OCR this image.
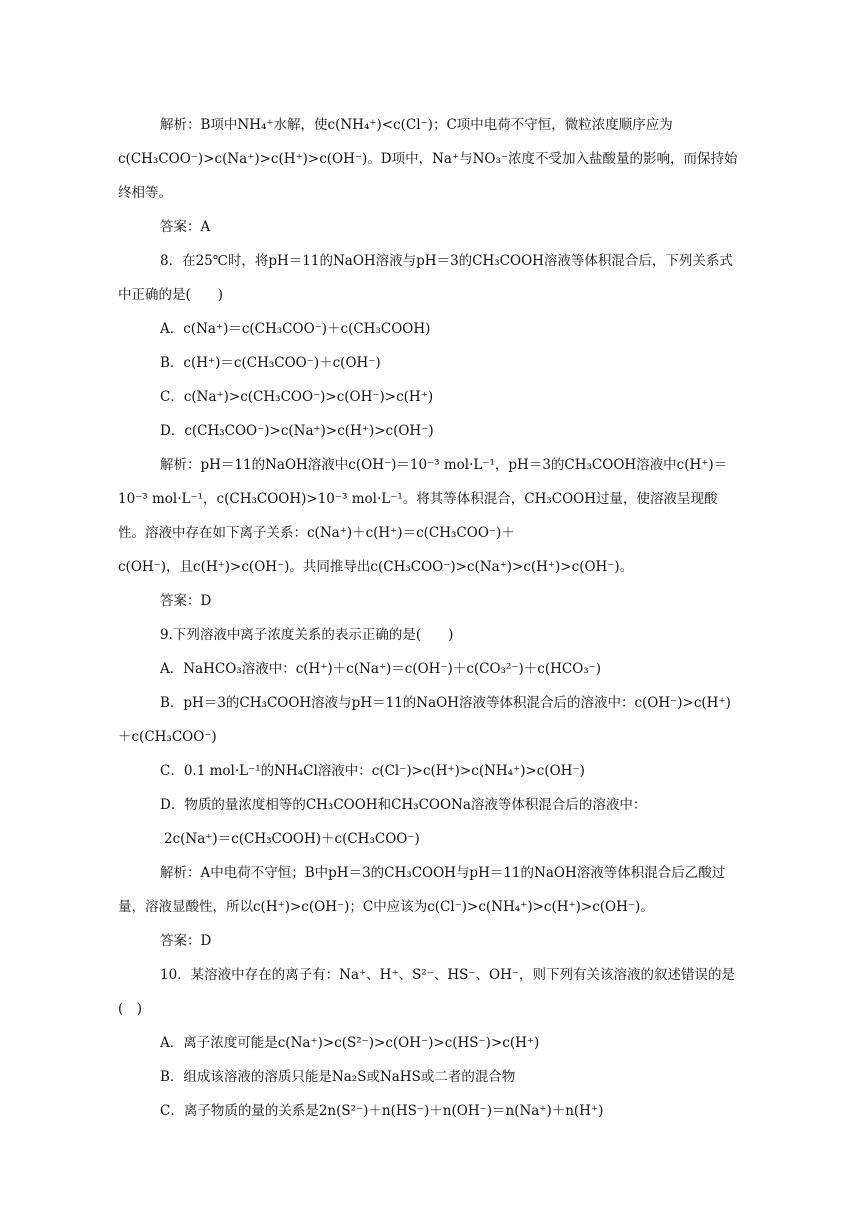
解析：B项中NH₄⁺水解，使c(NH₄⁺)<c(Cl⁻)；C项中电荷不守恒，微粒浓度顺序应为c(CH₃COO⁻)>c(Na⁺)>c(H⁺)>c(OH⁻)。D项中，Na⁺与NO₃⁻浓度不受加入盐酸量的影响，而保持始终相等。

答案：A

8．在25℃时，将pH＝11的NaOH溶液与pH＝3的CH₃COOH溶液等体积混合后，下列关系式中正确的是(　　)

A．c(Na⁺)＝c(CH₃COO⁻)＋c(CH₃COOH)

B．c(H⁺)＝c(CH₃COO⁻)＋c(OH⁻)

C．c(Na⁺)>c(CH₃COO⁻)>c(OH⁻)>c(H⁺)

D．c(CH₃COO⁻)>c(Na⁺)>c(H⁺)>c(OH⁻)

解析：pH＝11的NaOH溶液中c(OH⁻)＝10⁻³ mol·L⁻¹，pH＝3的CH₃COOH溶液中c(H⁺)＝10⁻³ mol·L⁻¹，c(CH₃COOH)>10⁻³ mol·L⁻¹。将其等体积混合，CH₃COOH过量，使溶液呈现酸性。溶液中存在如下离子关系：c(Na⁺)＋c(H⁺)＝c(CH₃COO⁻)＋

c(OH⁻)，且c(H⁺)>c(OH⁻)。共同推导出c(CH₃COO⁻)>c(Na⁺)>c(H⁺)>c(OH⁻)。

答案：D

9.下列溶液中离子浓度关系的表示正确的是(　　)

A．NaHCO₃溶液中：c(H⁺)＋c(Na⁺)＝c(OH⁻)＋c(CO₃²⁻)＋c(HCO₃⁻)

B．pH＝3的CH₃COOH溶液与pH＝11的NaOH溶液等体积混合后的溶液中：c(OH⁻)>c(H⁺)＋c(CH₃COO⁻)

C．0.1 mol·L⁻¹的NH₄Cl溶液中：c(Cl⁻)>c(H⁺)>c(NH₄⁺)>c(OH⁻)

D．物质的量浓度相等的CH₃COOH和CH₃COONa溶液等体积混合后的溶液中：

2c(Na⁺)＝c(CH₃COOH)＋c(CH₃COO⁻)

解析：A中电荷不守恒；B中pH＝3的CH₃COOH与pH＝11的NaOH溶液等体积混合后乙酸过量，溶液显酸性，所以c(H⁺)>c(OH⁻)；C中应该为c(Cl⁻)>c(NH₄⁺)>c(H⁺)>c(OH⁻)。

答案：D

10．某溶液中存在的离子有：Na⁺、H⁺、S²⁻、HS⁻、OH⁻，则下列有关该溶液的叙述错误的是(　)

A．离子浓度可能是c(Na⁺)>c(S²⁻)>c(OH⁻)>c(HS⁻)>c(H⁺)

B．组成该溶液的溶质只能是Na₂S或NaHS或二者的混合物

C．离子物质的量的关系是2n(S²⁻)＋n(HS⁻)＋n(OH⁻)＝n(Na⁺)＋n(H⁺)
